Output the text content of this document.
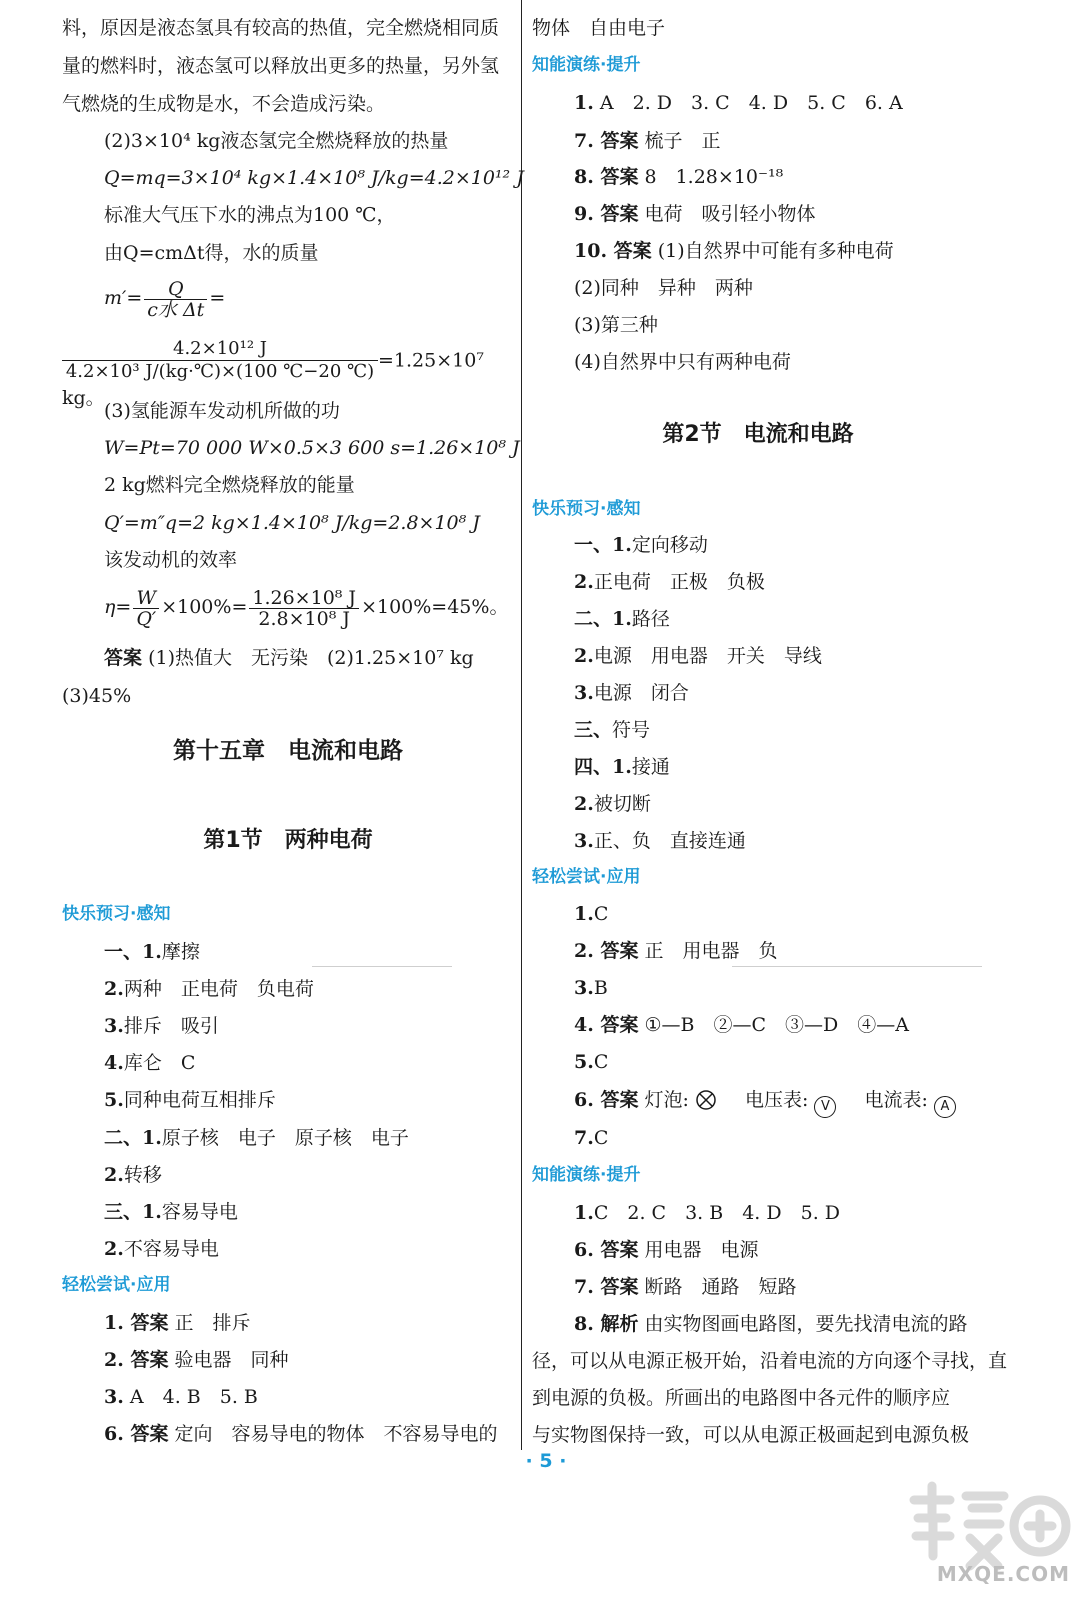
料，原因是液态氢具有较高的热值，完全燃烧相同质
量的燃料时，液态氢可以释放出更多的热量，另外氢
气燃烧的生成物是水，不会造成污染。
(2)3×10⁴ kg液态氢完全燃烧释放的热量
Q=mq=3×10⁴ kg×1.4×10⁸ J/kg=4.2×10¹² J
标准大气压下水的沸点为100 ℃，
由Q=cmΔt得，水的质量
$m'= \frac{Q}{\text{c水 Δt}}$ =
$\frac{\text{4.2×10¹² J}}{\text{4.2×10³ J/(kg·℃)×(100 ℃−20 ℃)}}=1.25\times 10^7$ kg。
(3)氢能源车发动机所做的功
W=Pt=70 000 W×0.5×3 600 s=1.26×10⁸ J
2 kg燃料完全燃烧释放的能量
Q′=m″q=2 kg×1.4×10⁸ J/kg=2.8×10⁸ J
该发动机的效率
$\eta= \frac{W}{Q'} \times 100\%= \frac{\text{1.26×10⁸ J}}{\text{2.8×10⁸ J}} \times 100\%=45\%$。
答案 (1)热值大　无污染　(2)1.25×10⁷ kg
(3)45%
第十五章　电流和电路
第1节　两种电荷
快乐预习·感知
一、1.摩擦
2.两种　正电荷　负电荷
3.排斥　吸引
4.库仑　C
5.同种电荷互相排斥
二、1.原子核　电子　原子核　电子
2.转移
三、1.容易导电
2.不容易导电
轻松尝试·应用
1. 答案 正　排斥
2. 答案 验电器　同种
3. A　4. B　5. B
6. 答案 定向　容易导电的物体　不容易导电的
物体　自由电子
知能演练·提升
1. A　2. D　3. C　4. D　5. C　6. A
7. 答案 梳子　正
8. 答案 8　1.28×10⁻¹⁸
9. 答案 电荷　吸引轻小物体
10. 答案 (1)自然界中可能有多种电荷
(2)同种　异种　两种
(3)第三种
(4)自然界中只有两种电荷
第2节　电流和电路
快乐预习·感知
一、1.定向移动
2.正电荷　正极　负极
二、1.路径
2.电源　用电器　开关　导线
3.电源　闭合
三、符号
四、1.接通
2.被切断
3.正、负　直接连通
轻松尝试·应用
1.C
2. 答案 正　用电器　负
3.B
4. 答案 ①—B　②—C　③—D　④—A
5.C
6. 答案 灯泡:	电压表: V 电流表: A
7.C
知能演练·提升
1.C　2. C　3. B　4. D　5. D
6. 答案 用电器　电源
7. 答案 断路　通路　短路
8. 解析 由实物图画电路图，要先找清电流的路
径，可以从电源正极开始，沿着电流的方向逐个寻找，直
到电源的负极。所画出的电路图中各元件的顺序应
与实物图保持一致，可以从电源正极画起到电源负极
· 5 ·
MXQE.COM
